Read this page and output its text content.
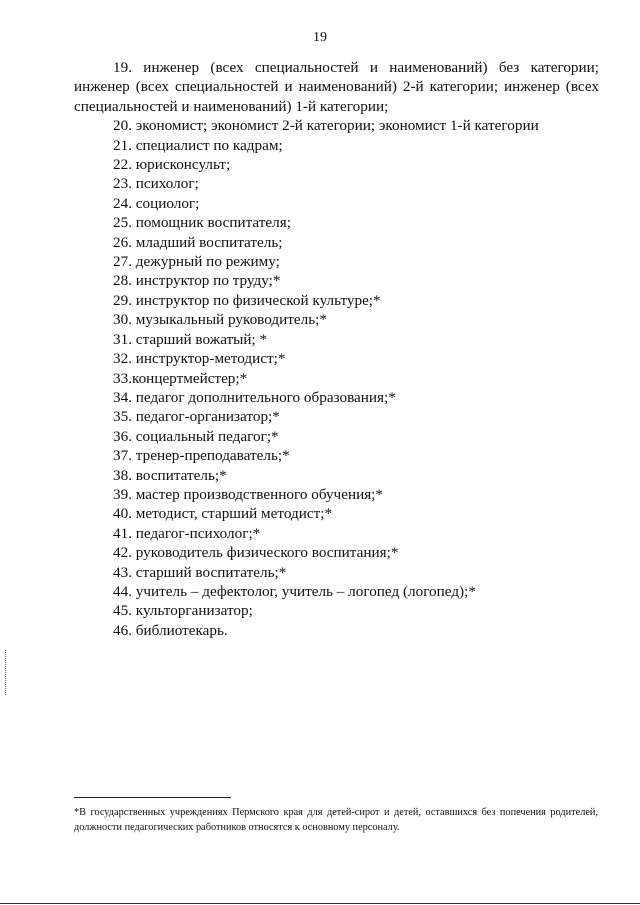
19

19. инженер (всех специальностей и наименований) без категории; инженер (всех специальностей и наименований) 2-й категории; инженер (всех специальностей и наименований) 1-й категории;

20. экономист; экономист 2-й категории; экономист 1-й категории

21. специалист по кадрам;

22. юрисконсульт;

23. психолог;

24. социолог;

25. помощник воспитателя;

26. младший воспитатель;

27. дежурный по режиму;

28. инструктор по труду;*

29. инструктор по физической культуре;*

30. музыкальный руководитель;*

31. старший вожатый; *

32. инструктор-методист;*

33.концертмейстер;*

34. педагог дополнительного образования;*

35. педагог-организатор;*

36. социальный педагог;*

37. тренер-преподаватель;*

38. воспитатель;*

39. мастер производственного обучения;*

40. методист, старший методист;*

41. педагог-психолог;*

42. руководитель физического воспитания;*

43. старший воспитатель;*

44. учитель – дефектолог, учитель – логопед (логопед);*

45. культорганизатор;

46. библиотекарь.

*В государственных учреждениях Пермского края для детей-сирот и детей, оставшихся без попечения родителей, должности педагогических работников относятся к основному персоналу.
